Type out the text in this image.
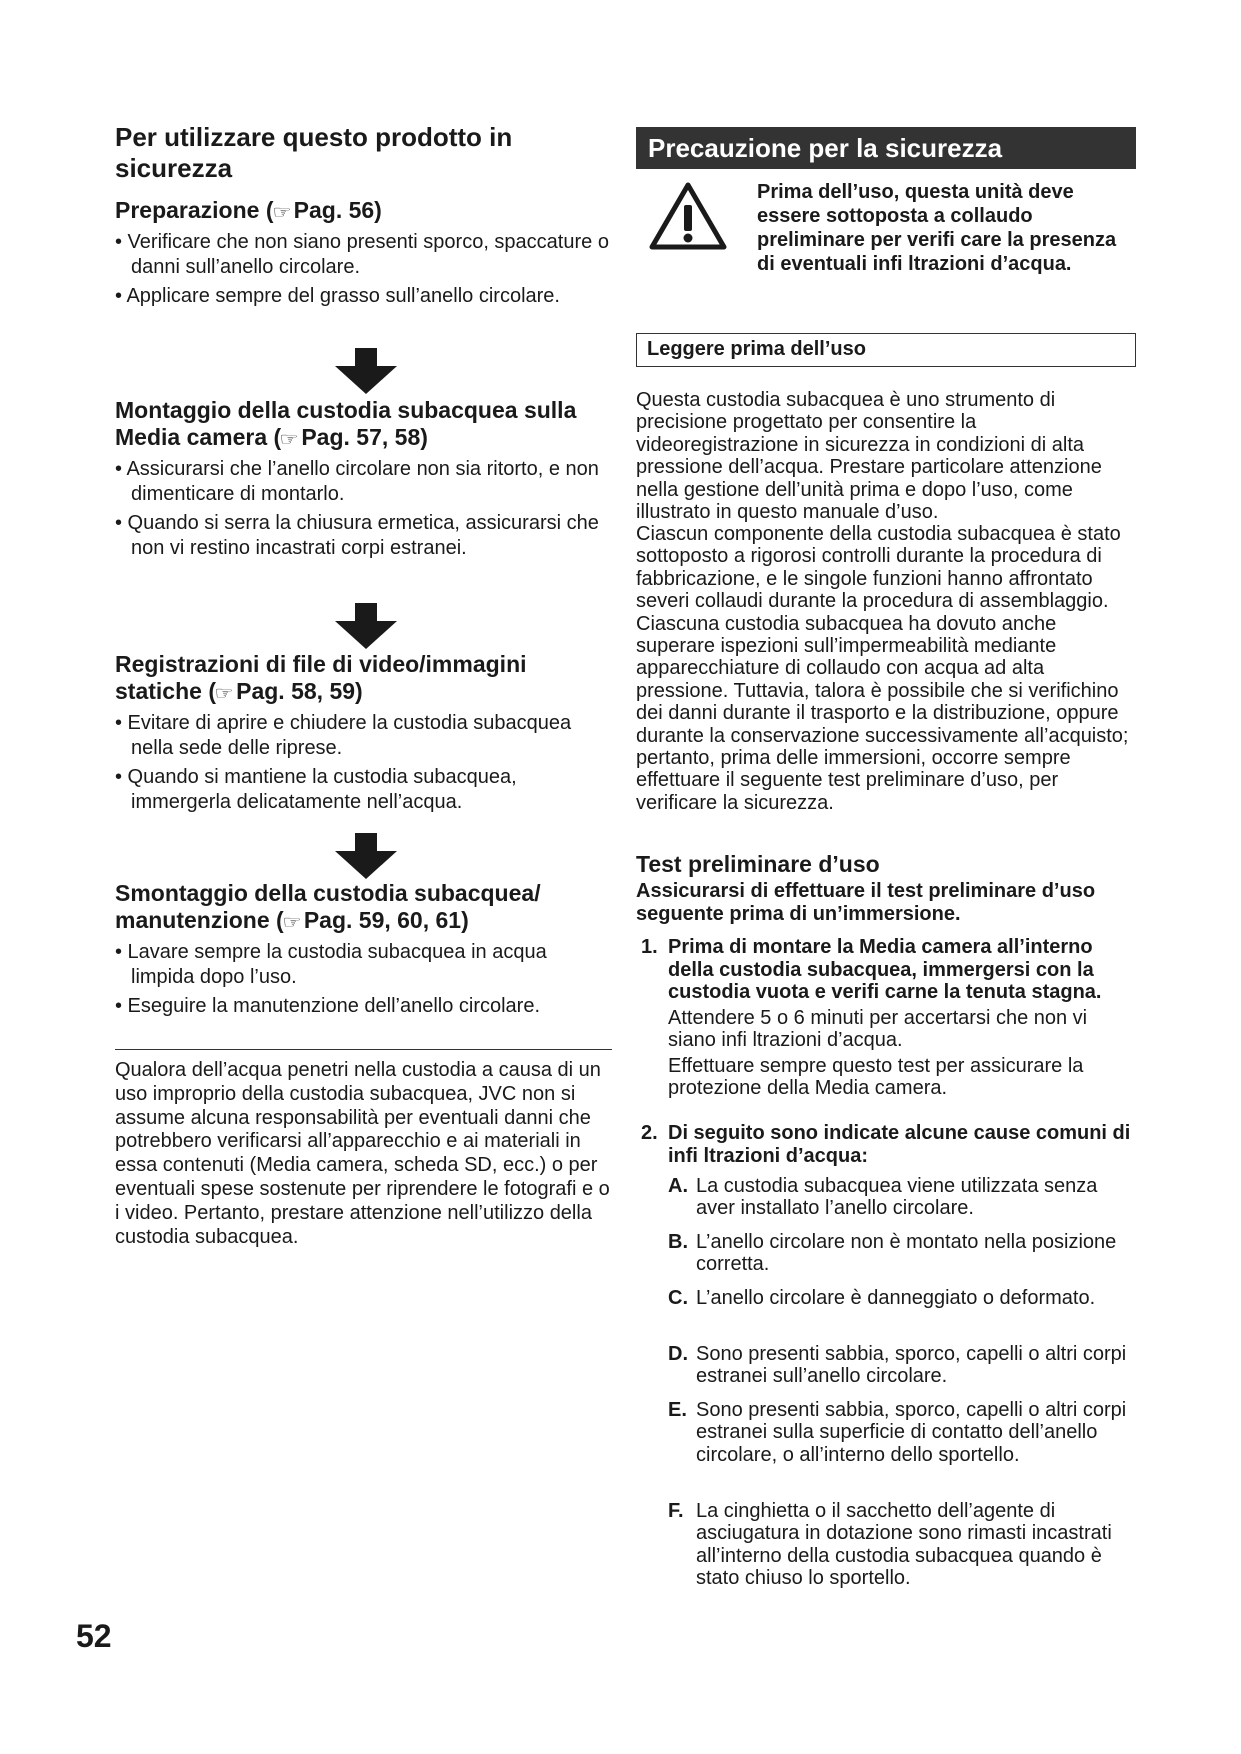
Per utilizzare questo prodotto in sicurezza
Preparazione (☞ Pag. 56)
• Verificare che non siano presenti sporco, spaccature o danni sull’anello circolare.
• Applicare sempre del grasso sull’anello circolare.
Montaggio della custodia subacquea sulla Media camera (☞ Pag. 57, 58)
• Assicurarsi che l’anello circolare non sia ritorto, e non dimenticare di montarlo.
• Quando si serra la chiusura ermetica, assicurarsi che non vi restino incastrati corpi estranei.
Registrazioni di file di video/immagini statiche (☞ Pag. 58, 59)
• Evitare di aprire e chiudere la custodia subacquea nella sede delle riprese.
• Quando si mantiene la custodia subacquea, immergerla delicatamente nell’acqua.
Smontaggio della custodia subacquea/ manutenzione (☞ Pag. 59, 60, 61)
• Lavare sempre la custodia subacquea in acqua limpida dopo l’uso.
• Eseguire la manutenzione dell’anello circolare.

Qualora dell’acqua penetri nella custodia a causa di un uso improprio della custodia subacquea, JVC non si assume alcuna responsabilità per eventuali danni che potrebbero verificarsi all’apparecchio e ai materiali in essa contenuti (Media camera, scheda SD, ecc.) o per eventuali spese sostenute per riprendere le fotografi e o i video. Pertanto, prestare attenzione nell’utilizzo della custodia subacquea.

Precauzione per la sicurezza

Prima dell’uso, questa unità deve essere sottoposta a collaudo preliminare per verifi care la presenza di eventuali infi ltrazioni d’acqua.

Leggere prima dell’uso

Questa custodia subacquea è uno strumento di precisione progettato per consentire la videoregistrazione in sicurezza in condizioni di alta pressione dell’acqua. Prestare particolare attenzione nella gestione dell’unità prima e dopo l’uso, come illustrato in questo manuale d’uso.

Ciascun componente della custodia subacquea è stato sottoposto a rigorosi controlli durante la procedura di fabbricazione, e le singole funzioni hanno affrontato severi collaudi durante la procedura di assemblaggio. Ciascuna custodia subacquea ha dovuto anche superare ispezioni sull’impermeabilità mediante apparecchiature di collaudo con acqua ad alta pressione. Tuttavia, talora è possibile che si verifichino dei danni durante il trasporto e la distribuzione, oppure durante la conservazione successivamente all’acquisto; pertanto, prima delle immersioni, occorre sempre effettuare il seguente test preliminare d’uso, per verificare la sicurezza.

Test preliminare d’uso

Assicurarsi di effettuare il test preliminare d’uso seguente prima di un’immersione.

1. Prima di montare la Media camera all’interno della custodia subacquea, immergersi con la custodia vuota e verifi carne la tenuta stagna.

Attendere 5 o 6 minuti per accertarsi che non vi siano infi ltrazioni d’acqua.

Effettuare sempre questo test per assicurare la protezione della Media camera.

2. Di seguito sono indicate alcune cause comuni di infi ltrazioni d’acqua:

A. La custodia subacquea viene utilizzata senza aver installato l’anello circolare.

B. L’anello circolare non è montato nella posizione corretta.

C. L’anello circolare è danneggiato o deformato.

D. Sono presenti sabbia, sporco, capelli o altri corpi estranei sull’anello circolare.

E. Sono presenti sabbia, sporco, capelli o altri corpi estranei sulla superficie di contatto dell’anello circolare, o all’interno dello sportello.

F. La cinghietta o il sacchetto dell’agente di asciugatura in dotazione sono rimasti incastrati all’interno della custodia subacquea quando è stato chiuso lo sportello.

52
